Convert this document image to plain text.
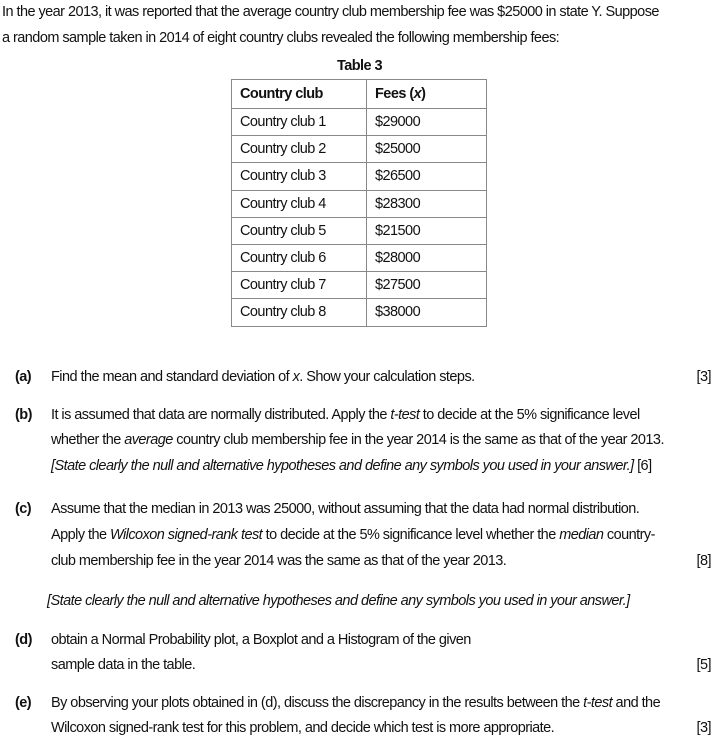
In the year 2013, it was reported that the average country club membership fee was $25000 in state Y. Suppose
a random sample taken in 2014 of eight country clubs revealed the following membership fees:
Table 3
Country club	Fees (x)
Country club 1	$29000
Country club 2	$25000
Country club 3	$26500
Country club 4	$28300
Country club 5	$21500
Country club 6	$28000
Country club 7	$27500
Country club 8	$38000
(a) Find the mean and standard deviation of x. Show your calculation steps.	[3]
(b) It is assumed that data are normally distributed. Apply the t-test to decide at the 5% significance level
whether the average country club membership fee in the year 2014 is the same as that of the year 2013.
[State clearly the null and alternative hypotheses and define any symbols you used in your answer.] [6]
(c) Assume that the median in 2013 was 25000, without assuming that the data had normal distribution.
Apply the Wilcoxon signed-rank test to decide at the 5% significance level whether the median country-
club membership fee in the year 2014 was the same as that of the year 2013.	[8]
[State clearly the null and alternative hypotheses and define any symbols you used in your answer.]
(d) obtain a Normal Probability plot, a Boxplot and a Histogram of the given
sample data in the table.	[5]
(e) By observing your plots obtained in (d), discuss the discrepancy in the results between the t-test and the
Wilcoxon signed-rank test for this problem, and decide which test is more appropriate.	[3]
